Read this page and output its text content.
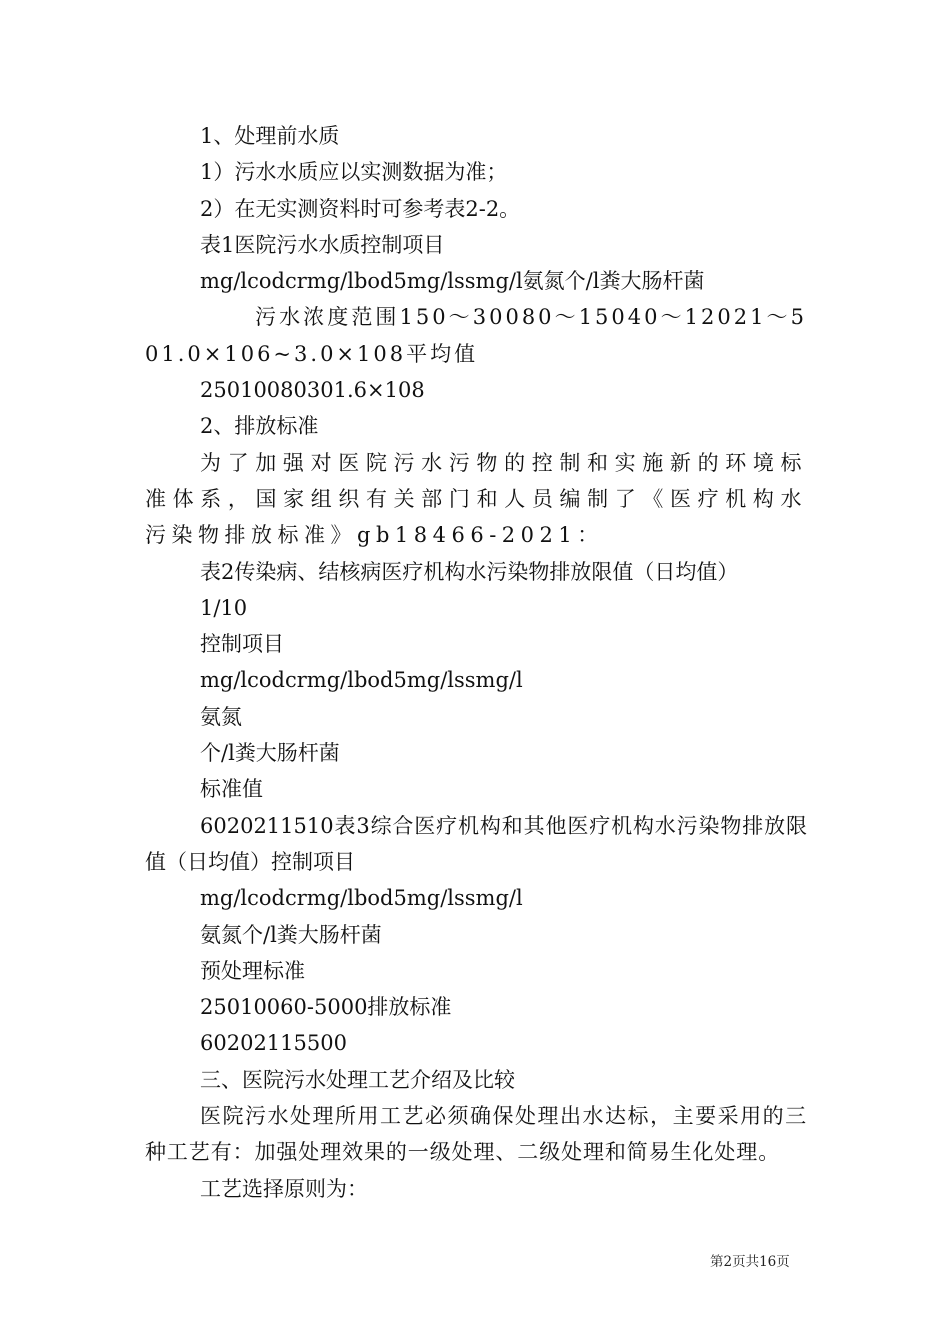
1、处理前水质

1）污水水质应以实测数据为准；

2）在无实测资料时可参考表2-2。

表1医院污水水质控制项目

mg/lcodcrmg/lbod5mg/lssmg/l氨氮个/l粪大肠杆菌

污水浓度范围150～30080～15040～12021～501.0×106~3.0×108平均值

25010080301.6×108

2、排放标准

为了加强对医院污水污物的控制和实施新的环境标准体系，国家组织有关部门和人员编制了《医疗机构水污染物排放标准》gb18466-2021：

表2传染病、结核病医疗机构水污染物排放限值（日均值）

1/10

控制项目

mg/lcodcrmg/lbod5mg/lssmg/l

氨氮

个/l粪大肠杆菌

标准值

6020211510表3综合医疗机构和其他医疗机构水污染物排放限值（日均值）控制项目

mg/lcodcrmg/lbod5mg/lssmg/l

氨氮个/l粪大肠杆菌

预处理标准

25010060-5000排放标准

60202115500

三、医院污水处理工艺介绍及比较

医院污水处理所用工艺必须确保处理出水达标，主要采用的三种工艺有：加强处理效果的一级处理、二级处理和简易生化处理。

工艺选择原则为：

第2页共16页
